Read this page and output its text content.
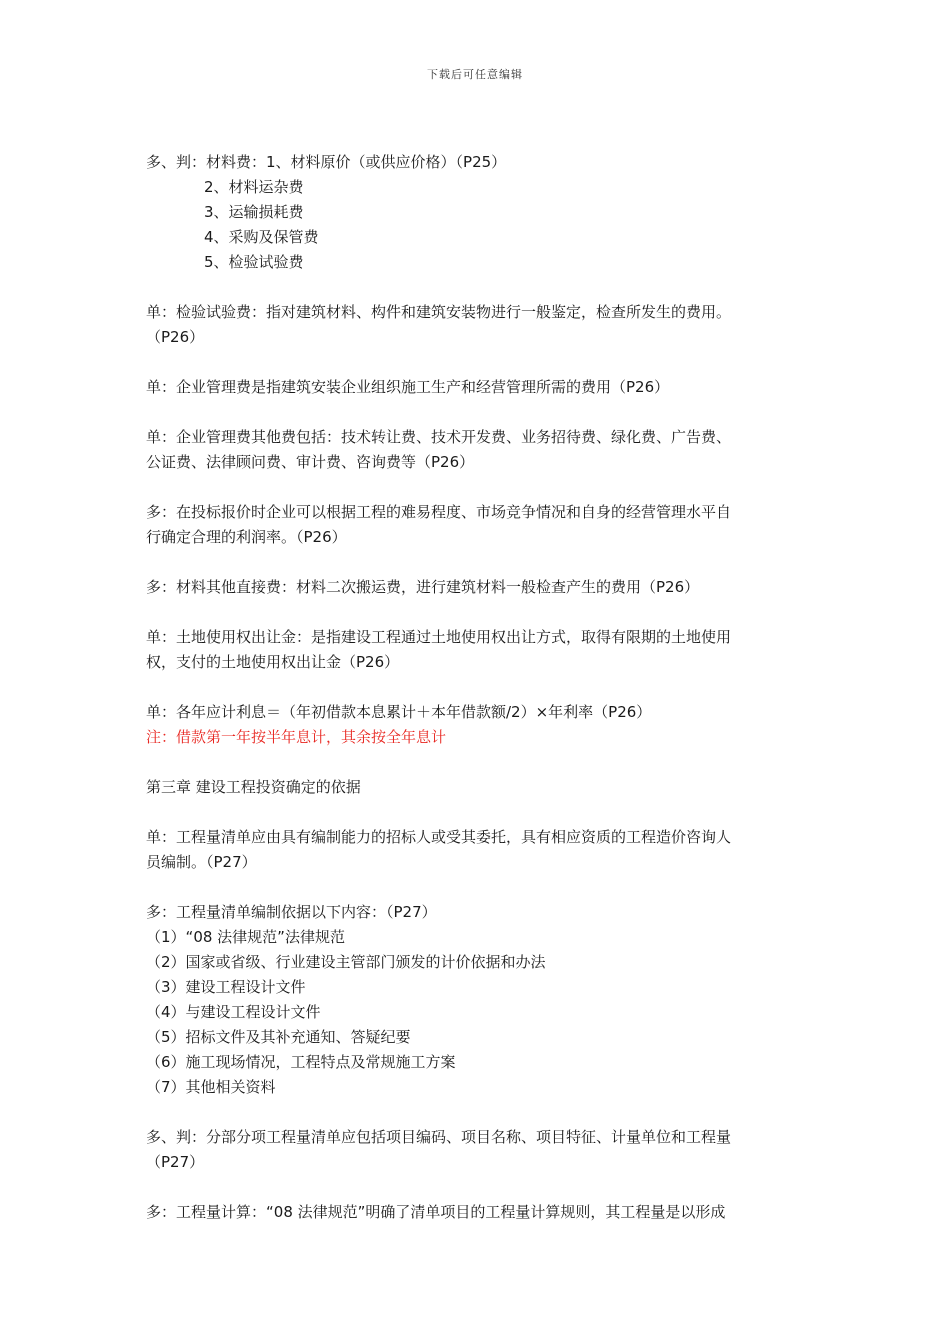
下载后可任意编辑

多、判：材料费：1、材料原价（或供应价格）（P25）

2、材料运杂费

3、运输损耗费

4、采购及保管费

5、检验试验费

单：检验试验费：指对建筑材料、构件和建筑安装物进行一般鉴定，检查所发生的费用。

（P26）

单：企业管理费是指建筑安装企业组织施工生产和经营管理所需的费用（P26）

单：企业管理费其他费包括：技术转让费、技术开发费、业务招待费、绿化费、广告费、

公证费、法律顾问费、审计费、咨询费等（P26）

多：在投标报价时企业可以根据工程的难易程度、市场竞争情况和自身的经营管理水平自

行确定合理的利润率。（P26）

多：材料其他直接费：材料二次搬运费，进行建筑材料一般检查产生的费用（P26）

单：土地使用权出让金：是指建设工程通过土地使用权出让方式，取得有限期的土地使用

权，支付的土地使用权出让金（P26）

单：各年应计利息＝（年初借款本息累计＋本年借款额/2）×年利率（P26）

注：借款第一年按半年息计，其余按全年息计

第三章 建设工程投资确定的依据

单：工程量清单应由具有编制能力的招标人或受其委托，具有相应资质的工程造价咨询人

员编制。（P27）

多：工程量清单编制依据以下内容：（P27）

（1）“08 法律规范”法律规范

（2）国家或省级、行业建设主管部门颁发的计价依据和办法

（3）建设工程设计文件

（4）与建设工程设计文件

（5）招标文件及其补充通知、答疑纪要

（6）施工现场情况，工程特点及常规施工方案

（7）其他相关资料

多、判：分部分项工程量清单应包括项目编码、项目名称、项目特征、计量单位和工程量

（P27）

多：工程量计算：“08 法律规范”明确了清单项目的工程量计算规则，其工程量是以形成
